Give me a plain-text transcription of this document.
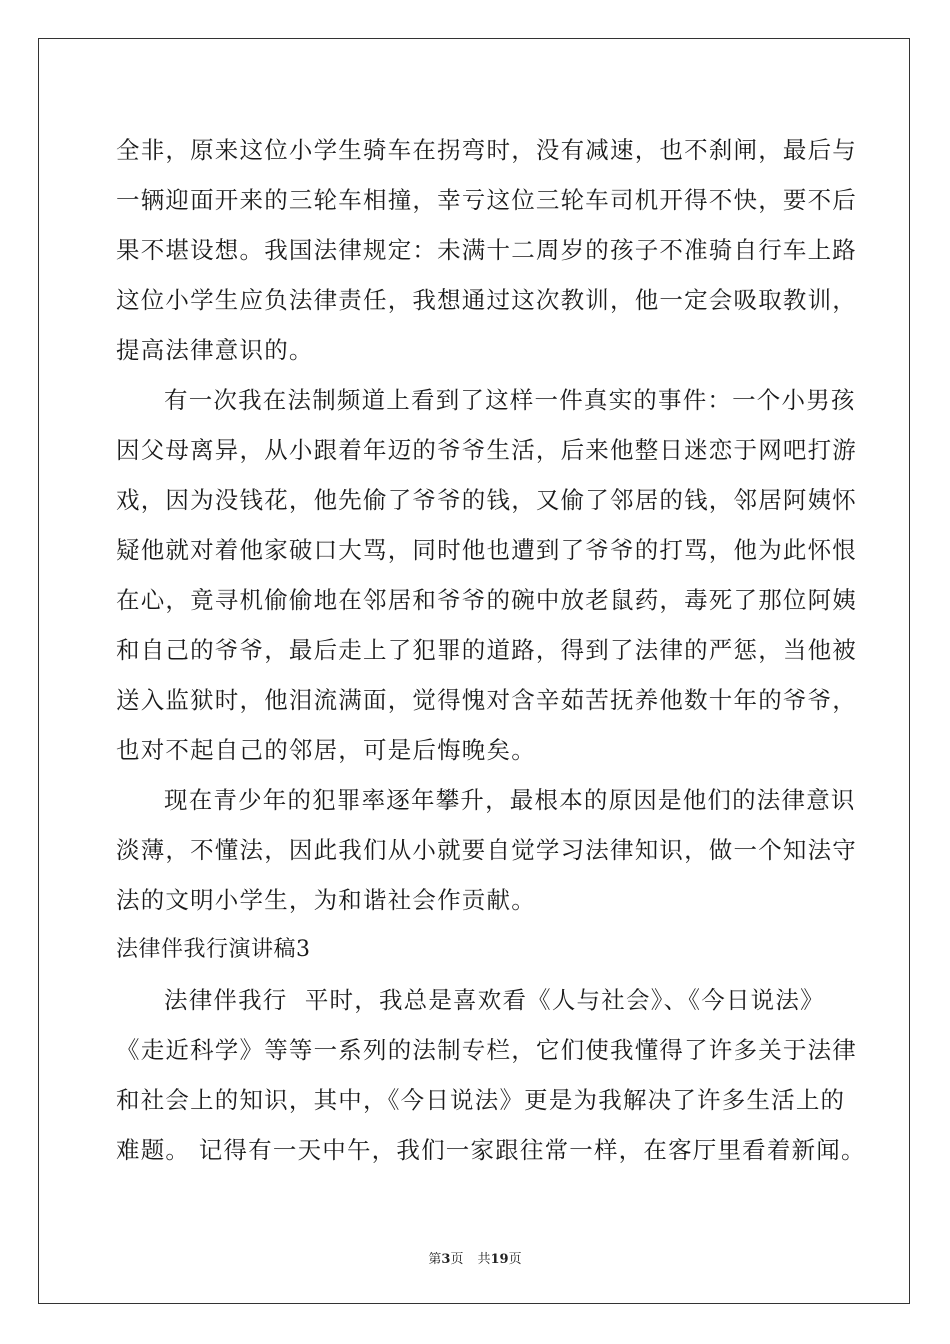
全非，原来这位小学生骑车在拐弯时，没有减速，也不刹闸，最后与
一辆迎面开来的三轮车相撞，幸亏这位三轮车司机开得不快，要不后
果不堪设想。我国法律规定：未满十二周岁的孩子不准骑自行车上路
这位小学生应负法律责任，我想通过这次教训，他一定会吸取教训，
提高法律意识的。
有一次我在法制频道上看到了这样一件真实的事件：一个小男孩
因父母离异，从小跟着年迈的爷爷生活，后来他整日迷恋于网吧打游
戏，因为没钱花，他先偷了爷爷的钱，又偷了邻居的钱，邻居阿姨怀
疑他就对着他家破口大骂，同时他也遭到了爷爷的打骂，他为此怀恨
在心，竟寻机偷偷地在邻居和爷爷的碗中放老鼠药，毒死了那位阿姨
和自己的爷爷，最后走上了犯罪的道路，得到了法律的严惩，当他被
送入监狱时，他泪流满面，觉得愧对含辛茹苦抚养他数十年的爷爷，
也对不起自己的邻居，可是后悔晚矣。
现在青少年的犯罪率逐年攀升，最根本的原因是他们的法律意识
淡薄，不懂法，因此我们从小就要自觉学习法律知识，做一个知法守
法的文明小学生，为和谐社会作贡献。
法律伴我行演讲稿3
法律伴我行  平时，我总是喜欢看《人与社会》、《今日说法》
《走近科学》等等一系列的法制专栏，它们使我懂得了许多关于法律
和社会上的知识，其中，《今日说法》更是为我解决了许多生活上的
难题。 记得有一天中午，我们一家跟往常一样，在客厅里看着新闻。
第3页 共19页
